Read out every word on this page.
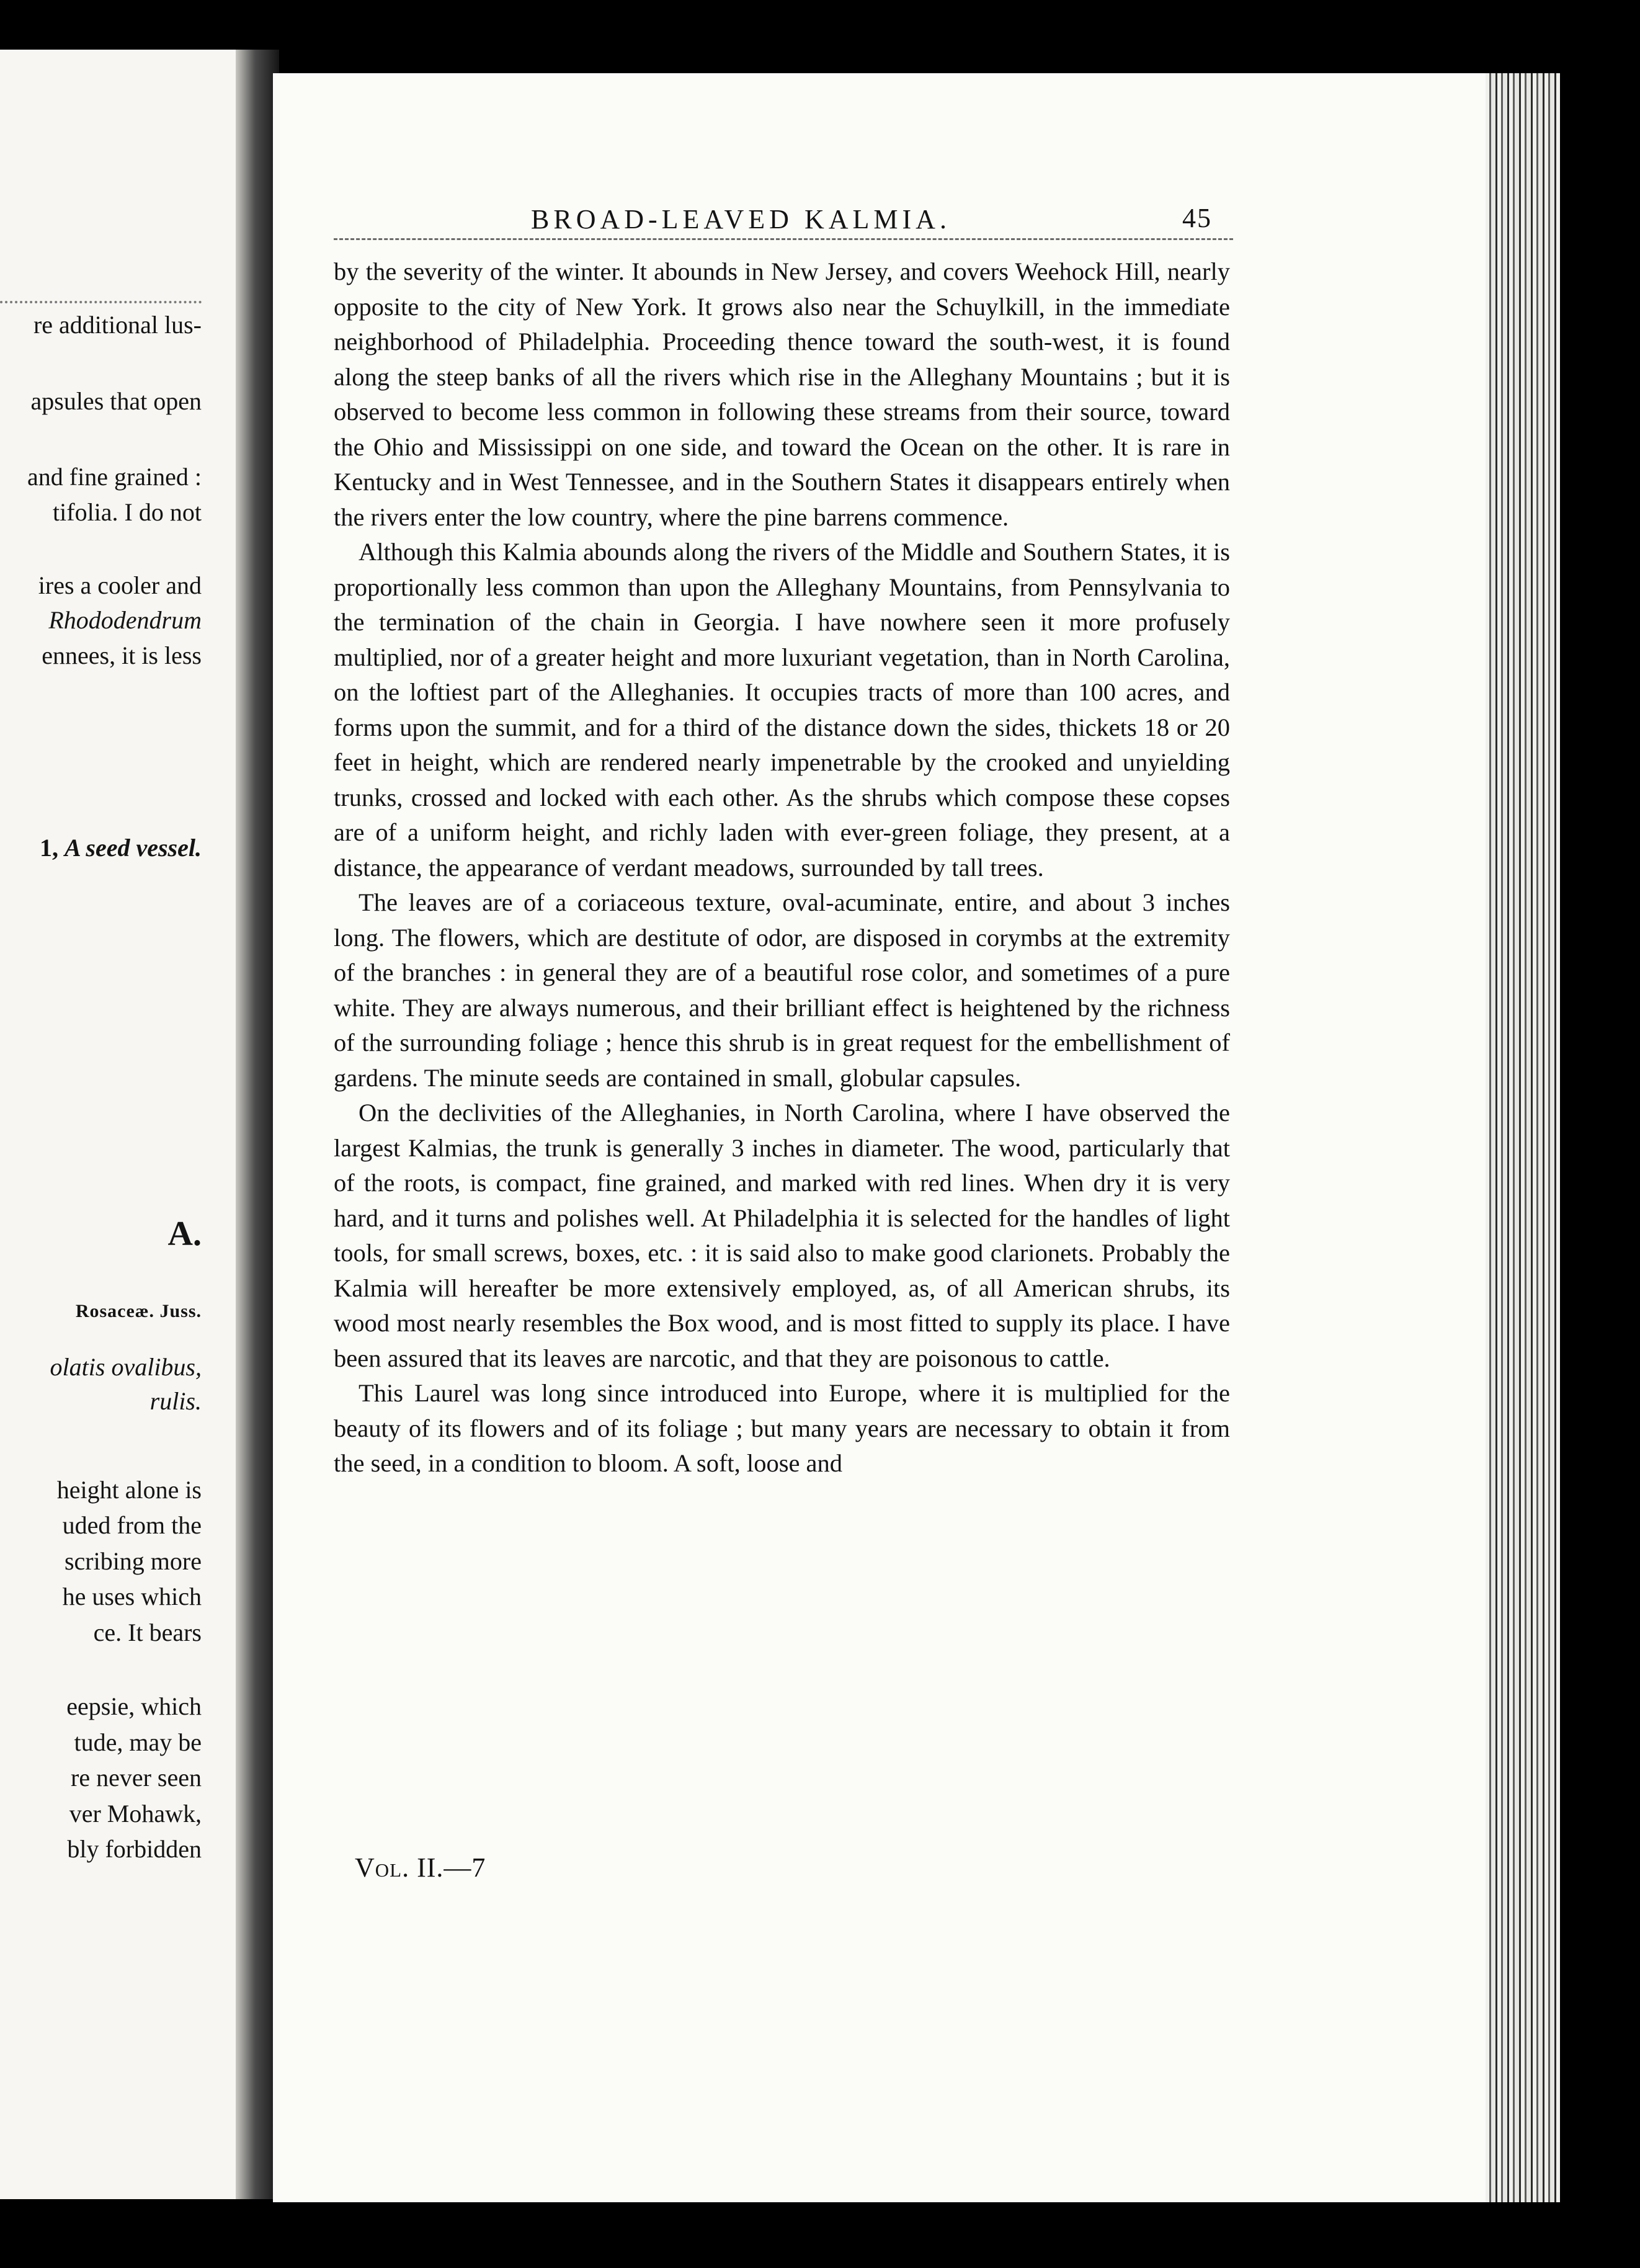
re additional lus-
apsules that open
and fine grained :
tifolia. I do not
ires a cooler and
Rhododendrum
ennees, it is less
1, A seed vessel.
A.
Rosaceæ. Juss.
olatis ovalibus,
rulis.
height alone is
uded from the
scribing more
he uses which
ce. It bears
eepsie, which
tude, may be
re never seen
ver Mohawk,
bly forbidden
BROAD-LEAVED KALMIA.	45

by the severity of the winter. It abounds in New Jersey, and covers Weehock Hill, nearly opposite to the city of New York. It grows also near the Schuylkill, in the immediate neighborhood of Philadelphia. Proceeding thence toward the south-west, it is found along the steep banks of all the rivers which rise in the Alleghany Mountains ; but it is observed to become less common in following these streams from their source, toward the Ohio and Mississippi on one side, and toward the Ocean on the other. It is rare in Kentucky and in West Tennessee, and in the Southern States it disappears entirely when the rivers enter the low country, where the pine barrens commence.

Although this Kalmia abounds along the rivers of the Middle and Southern States, it is proportionally less common than upon the Alleghany Mountains, from Pennsylvania to the termination of the chain in Georgia. I have nowhere seen it more profusely multiplied, nor of a greater height and more luxuriant vegetation, than in North Carolina, on the loftiest part of the Alleghanies. It occupies tracts of more than 100 acres, and forms upon the summit, and for a third of the distance down the sides, thickets 18 or 20 feet in height, which are rendered nearly impenetrable by the crooked and unyielding trunks, crossed and locked with each other. As the shrubs which compose these copses are of a uniform height, and richly laden with ever-green foliage, they present, at a distance, the appearance of verdant meadows, surrounded by tall trees.

The leaves are of a coriaceous texture, oval-acuminate, entire, and about 3 inches long. The flowers, which are destitute of odor, are disposed in corymbs at the extremity of the branches : in general they are of a beautiful rose color, and sometimes of a pure white. They are always numerous, and their brilliant effect is heightened by the richness of the surrounding foliage ; hence this shrub is in great request for the embellishment of gardens. The minute seeds are contained in small, globular capsules.

On the declivities of the Alleghanies, in North Carolina, where I have observed the largest Kalmias, the trunk is generally 3 inches in diameter. The wood, particularly that of the roots, is compact, fine grained, and marked with red lines. When dry it is very hard, and it turns and polishes well. At Philadelphia it is selected for the handles of light tools, for small screws, boxes, etc. : it is said also to make good clarionets. Probably the Kalmia will hereafter be more extensively employed, as, of all American shrubs, its wood most nearly resembles the Box wood, and is most fitted to supply its place. I have been assured that its leaves are narcotic, and that they are poisonous to cattle.

This Laurel was long since introduced into Europe, where it is multiplied for the beauty of its flowers and of its foliage ; but many years are necessary to obtain it from the seed, in a condition to bloom. A soft, loose and

Vol. II.—7
